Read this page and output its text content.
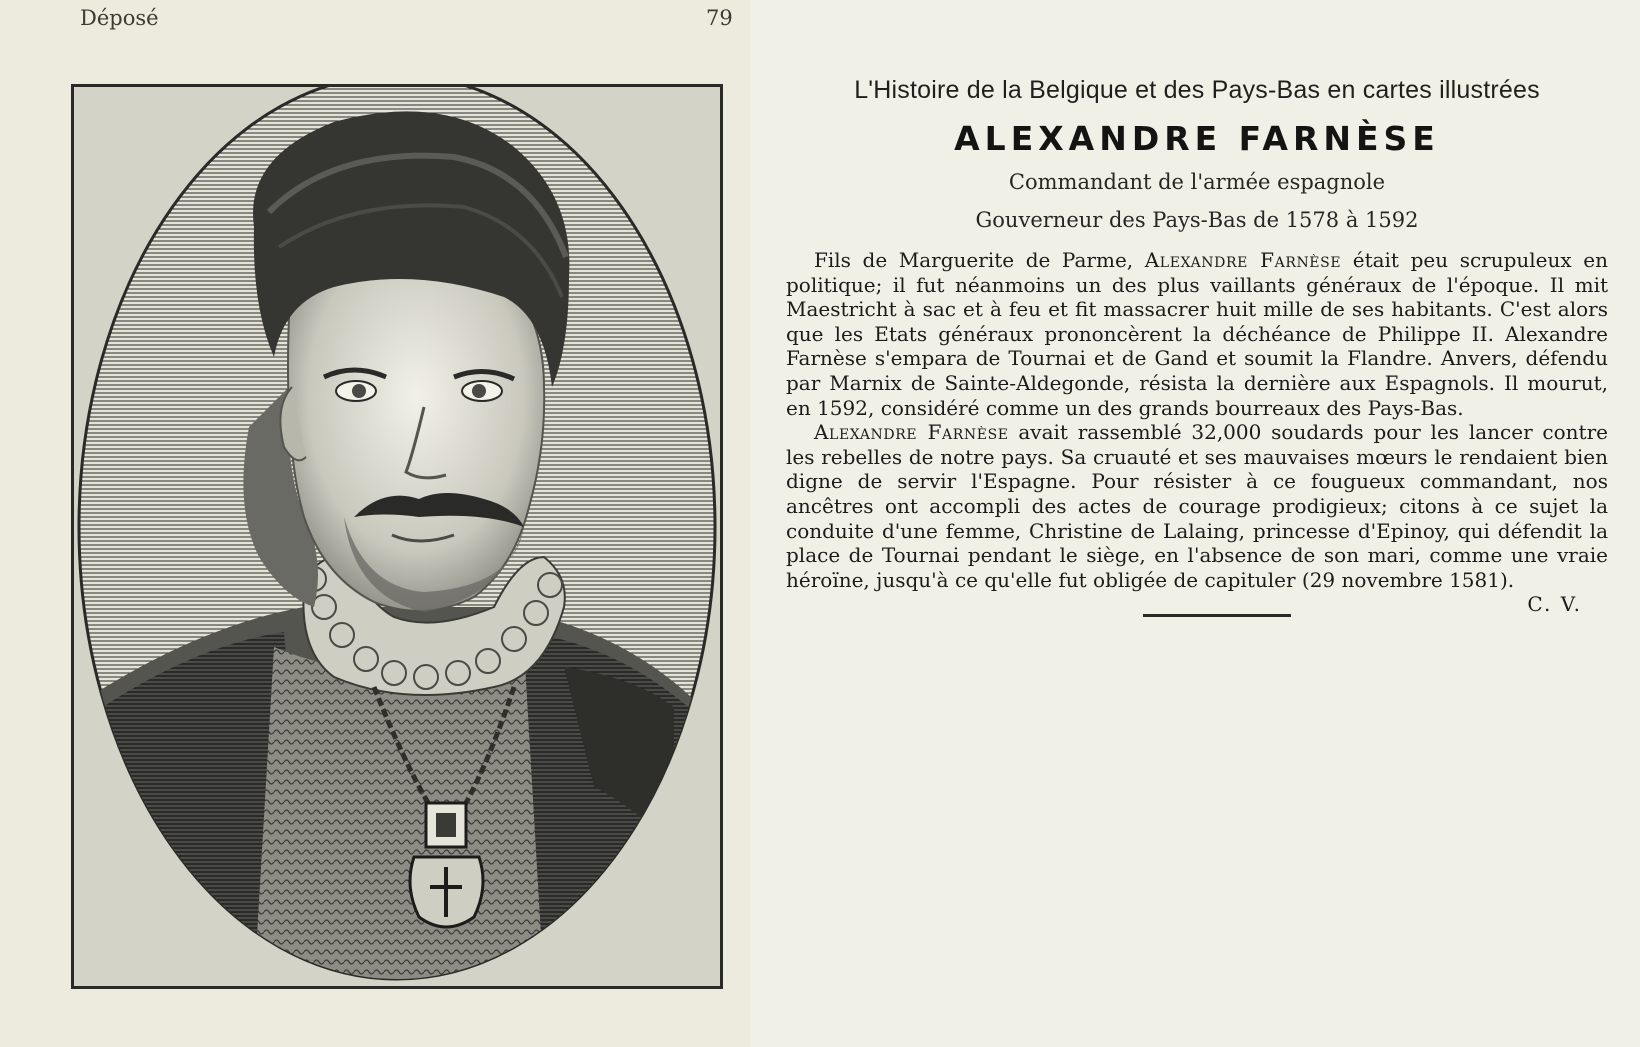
Déposé	79
L'Histoire de la Belgique et des Pays-Bas en cartes illustrées
ALEXANDRE FARNÈSE
Commandant de l'armée espagnole
Gouverneur des Pays-Bas de 1578 à 1592

Fils de Marguerite de Parme, Alexandre Farnèse était peu scrupuleux en politique; il fut néanmoins un des plus vaillants généraux de l'époque. Il mit Maestricht à sac et à feu et fit massacrer huit mille de ses habitants. C'est alors que les Etats généraux prononcèrent la déchéance de Philippe II. Alexandre Farnèse s'empara de Tournai et de Gand et soumit la Flandre. Anvers, défendu par Marnix de Sainte-Aldegonde, résista la dernière aux Espagnols. Il mourut, en 1592, considéré comme un des grands bourreaux des Pays-Bas.

Alexandre Farnèse avait rassemblé 32,000 soudards pour les lancer contre les rebelles de notre pays. Sa cruauté et ses mauvaises mœurs le rendaient bien digne de servir l'Espagne. Pour résister à ce fougueux commandant, nos ancêtres ont accompli des actes de courage prodigieux; citons à ce sujet la conduite d'une femme, Christine de Lalaing, princesse d'Epinoy, qui défendit la place de Tournai pendant le siège, en l'absence de son mari, comme une vraie héroïne, jusqu'à ce qu'elle fut obligée de capituler (29 novembre 1581).
C. V.
